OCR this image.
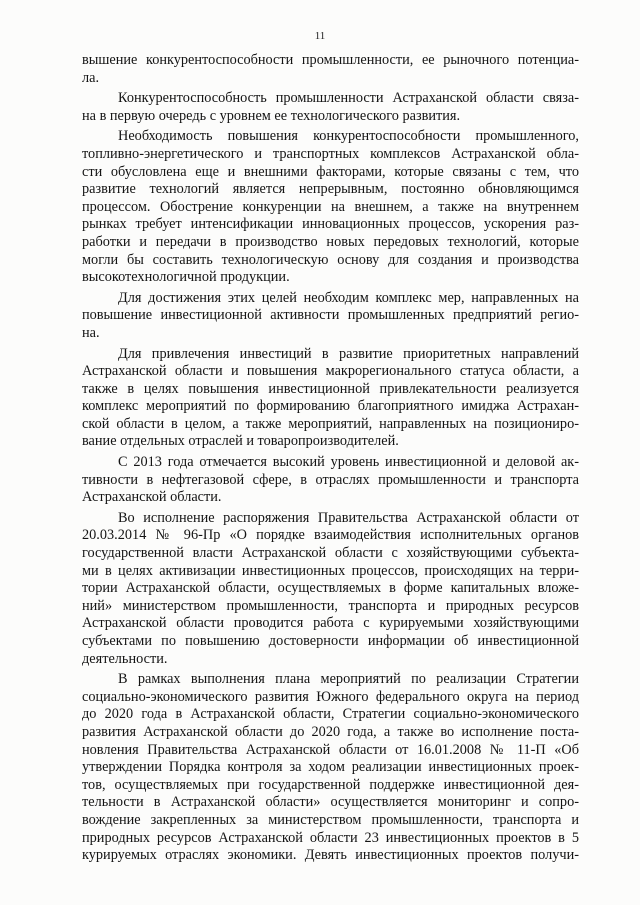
11

вышение конкурентоспособности промышленности, ее рыночного потенциа-
ла.

Конкурентоспособность промышленности Астраханской области связа-
на в первую очередь с уровнем ее технологического развития.

Необходимость повышения конкурентоспособности промышленного,
топливно-энергетического и транспортных комплексов Астраханской обла-
сти обусловлена еще и внешними факторами, которые связаны с тем, что
развитие технологий является непрерывным, постоянно обновляющимся
процессом. Обострение конкуренции на внешнем, а также на внутреннем
рынках требует интенсификации инновационных процессов, ускорения раз-
работки и передачи в производство новых передовых технологий, которые
могли бы составить технологическую основу для создания и производства
высокотехнологичной продукции.

Для достижения этих целей необходим комплекс мер, направленных на
повышение инвестиционной активности промышленных предприятий регио-
на.

Для привлечения инвестиций в развитие приоритетных направлений
Астраханской области и повышения макрорегионального статуса области, а
также в целях повышения инвестиционной привлекательности реализуется
комплекс мероприятий по формированию благоприятного имиджа Астрахан-
ской области в целом, а также мероприятий, направленных на позициониро-
вание отдельных отраслей и товаропроизводителей.

С 2013 года отмечается высокий уровень инвестиционной и деловой ак-
тивности в нефтегазовой сфере, в отраслях промышленности и транспорта
Астраханской области.

Во исполнение распоряжения Правительства Астраханской области от
20.03.2014 № 96-Пр «О порядке взаимодействия исполнительных органов
государственной власти Астраханской области с хозяйствующими субъекта-
ми в целях активизации инвестиционных процессов, происходящих на терри-
тории Астраханской области, осуществляемых в форме капитальных вложе-
ний» министерством промышленности, транспорта и природных ресурсов
Астраханской области проводится работа с курируемыми хозяйствующими
субъектами по повышению достоверности информации об инвестиционной
деятельности.

В рамках выполнения плана мероприятий по реализации Стратегии
социально-экономического развития Южного федерального округа на период
до 2020 года в Астраханской области, Стратегии социально-экономического
развития Астраханской области до 2020 года, а также во исполнение поста-
новления Правительства Астраханской области от 16.01.2008 № 11-П «Об
утверждении Порядка контроля за ходом реализации инвестиционных проек-
тов, осуществляемых при государственной поддержке инвестиционной дея-
тельности в Астраханской области» осуществляется мониторинг и сопро-
вождение закрепленных за министерством промышленности, транспорта и
природных ресурсов Астраханской области 23 инвестиционных проектов в 5
курируемых отраслях экономики. Девять инвестиционных проектов получи-
